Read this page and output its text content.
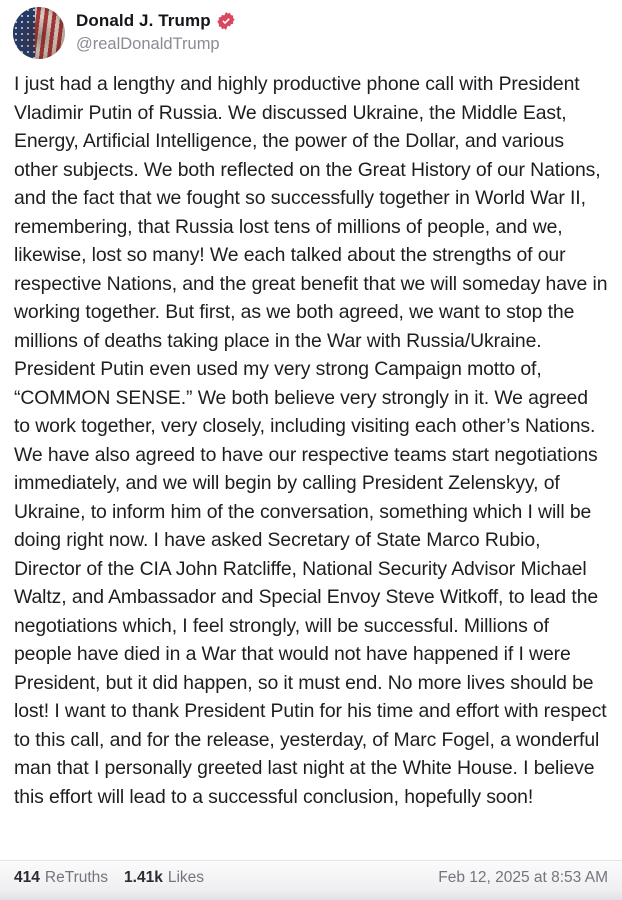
Donald J. Trump
@realDonaldTrump
I just had a lengthy and highly productive phone call with President Vladimir Putin of Russia. We discussed Ukraine, the Middle East, Energy, Artificial Intelligence, the power of the Dollar, and various other subjects. We both reflected on the Great History of our Nations, and the fact that we fought so successfully together in World War II, remembering, that Russia lost tens of millions of people, and we, likewise, lost so many! We each talked about the strengths of our respective Nations, and the great benefit that we will someday have in working together. But first, as we both agreed, we want to stop the millions of deaths taking place in the War with Russia/Ukraine. President Putin even used my very strong Campaign motto of, “COMMON SENSE.” We both believe very strongly in it. We agreed to work together, very closely, including visiting each other’s Nations. We have also agreed to have our respective teams start negotiations immediately, and we will begin by calling President Zelenskyy, of Ukraine, to inform him of the conversation, something which I will be doing right now. I have asked Secretary of State Marco Rubio, Director of the CIA John Ratcliffe, National Security Advisor Michael Waltz, and Ambassador and Special Envoy Steve Witkoff, to lead the negotiations which, I feel strongly, will be successful. Millions of people have died in a War that would not have happened if I were President, but it did happen, so it must end. No more lives should be lost! I want to thank President Putin for his time and effort with respect to this call, and for the release, yesterday, of Marc Fogel, a wonderful man that I personally greeted last night at the White House. I believe this effort will lead to a successful conclusion, hopefully soon!
414 ReTruths 1.41k Likes	Feb 12, 2025 at 8:53 AM
